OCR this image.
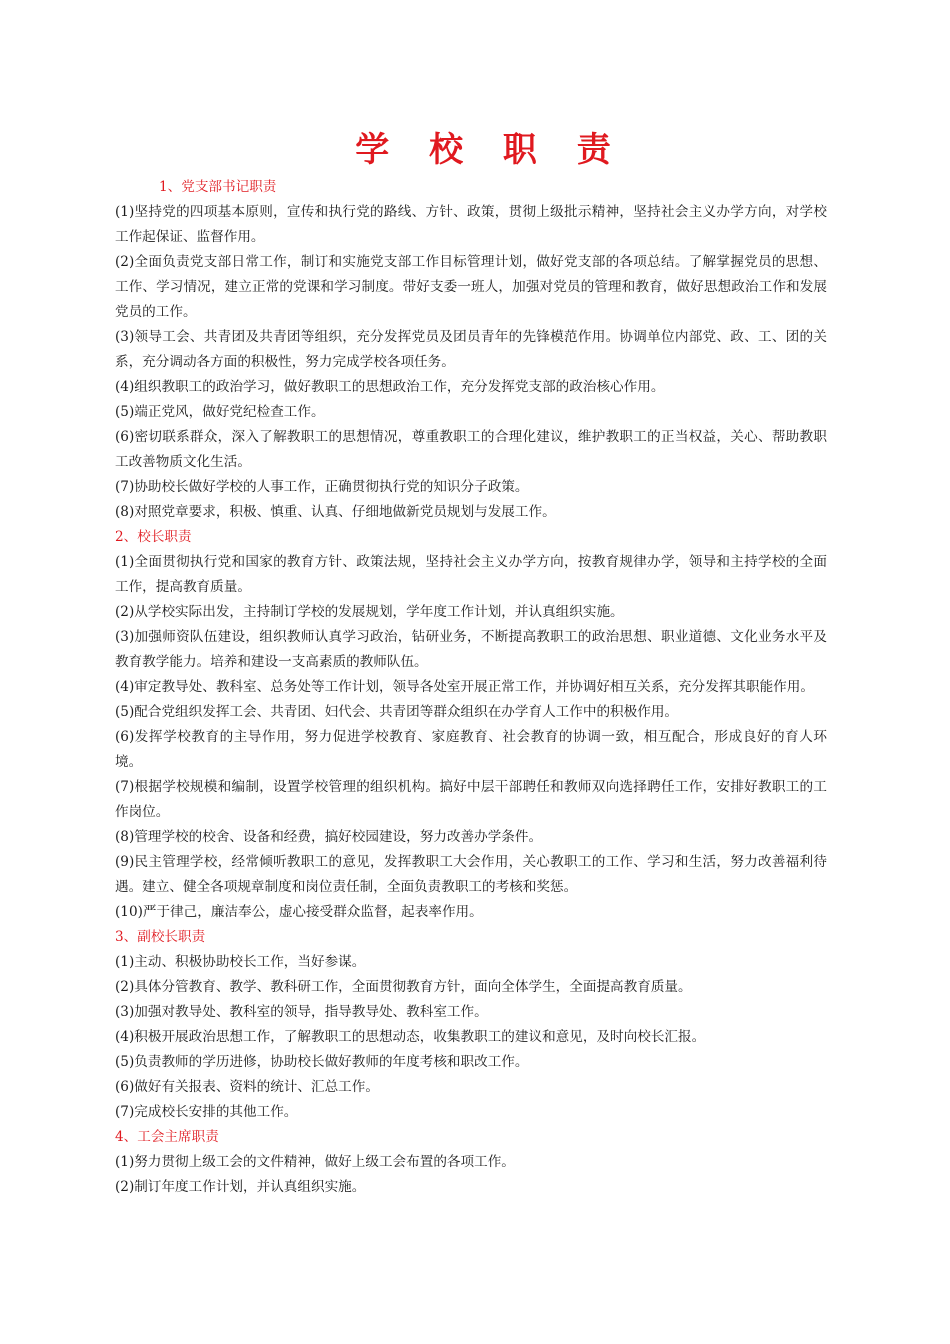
学 校 职 责

1、党支部书记职责

(1)坚持党的四项基本原则，宣传和执行党的路线、方针、政策，贯彻上级批示精神，坚持社会主义办学方向，对学校工作起保证、监督作用。

(2)全面负责党支部日常工作，制订和实施党支部工作目标管理计划，做好党支部的各项总结。了解掌握党员的思想、工作、学习情况，建立正常的党课和学习制度。带好支委一班人，加强对党员的管理和教育，做好思想政治工作和发展党员的工作。

(3)领导工会、共青团及共青团等组织，充分发挥党员及团员青年的先锋模范作用。协调单位内部党、政、工、团的关系，充分调动各方面的积极性，努力完成学校各项任务。

(4)组织教职工的政治学习，做好教职工的思想政治工作，充分发挥党支部的政治核心作用。

(5)端正党风，做好党纪检查工作。

(6)密切联系群众，深入了解教职工的思想情况，尊重教职工的合理化建议，维护教职工的正当权益，关心、帮助教职工改善物质文化生活。

(7)协助校长做好学校的人事工作，正确贯彻执行党的知识分子政策。

(8)对照党章要求，积极、慎重、认真、仔细地做新党员规划与发展工作。

2、校长职责

(1)全面贯彻执行党和国家的教育方针、政策法规，坚持社会主义办学方向，按教育规律办学，领导和主持学校的全面工作，提高教育质量。

(2)从学校实际出发，主持制订学校的发展规划，学年度工作计划，并认真组织实施。

(3)加强师资队伍建设，组织教师认真学习政治，钻研业务，不断提高教职工的政治思想、职业道德、文化业务水平及教育教学能力。培养和建设一支高素质的教师队伍。

(4)审定教导处、教科室、总务处等工作计划，领导各处室开展正常工作，并协调好相互关系，充分发挥其职能作用。

(5)配合党组织发挥工会、共青团、妇代会、共青团等群众组织在办学育人工作中的积极作用。

(6)发挥学校教育的主导作用，努力促进学校教育、家庭教育、社会教育的协调一致，相互配合，形成良好的育人环境。

(7)根据学校规模和编制，设置学校管理的组织机构。搞好中层干部聘任和教师双向选择聘任工作，安排好教职工的工作岗位。

(8)管理学校的校舍、设备和经费，搞好校园建设，努力改善办学条件。

(9)民主管理学校，经常倾听教职工的意见，发挥教职工大会作用，关心教职工的工作、学习和生活，努力改善福利待遇。建立、健全各项规章制度和岗位责任制，全面负责教职工的考核和奖惩。

(10)严于律己，廉洁奉公，虚心接受群众监督，起表率作用。

3、副校长职责

(1)主动、积极协助校长工作，当好参谋。

(2)具体分管教育、教学、教科研工作，全面贯彻教育方针，面向全体学生，全面提高教育质量。

(3)加强对教导处、教科室的领导，指导教导处、教科室工作。

(4)积极开展政治思想工作，了解教职工的思想动态，收集教职工的建议和意见，及时向校长汇报。

(5)负责教师的学历进修，协助校长做好教师的年度考核和职改工作。

(6)做好有关报表、资料的统计、汇总工作。

(7)完成校长安排的其他工作。

4、工会主席职责

(1)努力贯彻上级工会的文件精神，做好上级工会布置的各项工作。

(2)制订年度工作计划，并认真组织实施。
